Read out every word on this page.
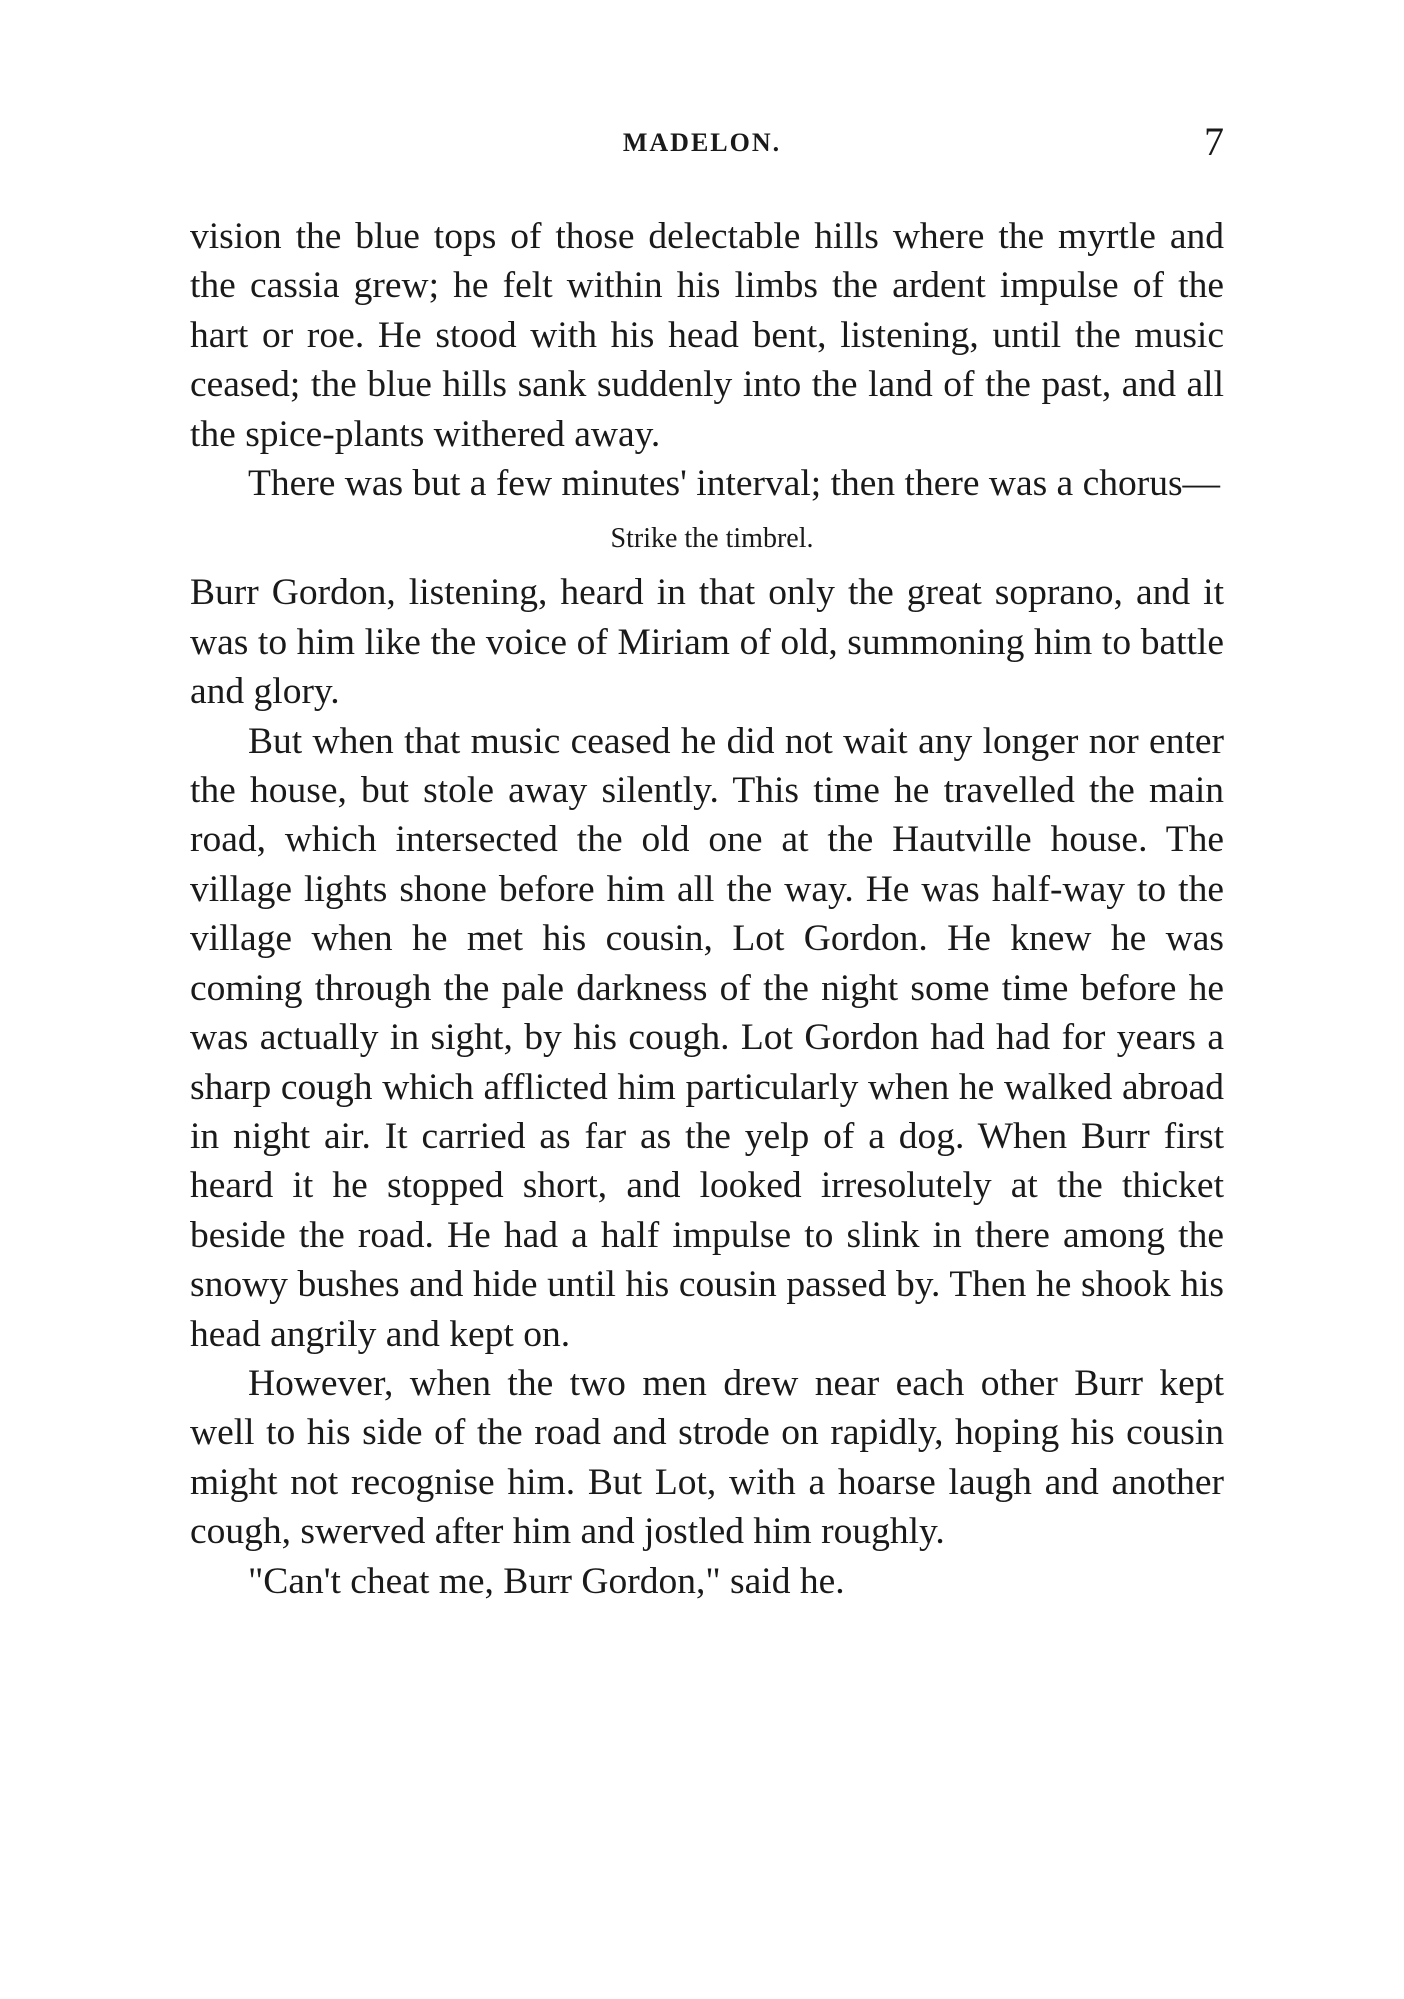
MADELON.	7

vision the blue tops of those delectable hills where the myrtle and the cassia grew; he felt within his limbs the ardent impulse of the hart or roe. He stood with his head bent, listening, until the music ceased; the blue hills sank suddenly into the land of the past, and all the spice-plants withered away.

There was but a few minutes' interval; then there was a chorus—

Strike the timbrel.

Burr Gordon, listening, heard in that only the great soprano, and it was to him like the voice of Miriam of old, summoning him to battle and glory.

But when that music ceased he did not wait any longer nor enter the house, but stole away silently. This time he travelled the main road, which intersected the old one at the Hautville house. The village lights shone before him all the way. He was half-way to the village when he met his cousin, Lot Gordon. He knew he was coming through the pale darkness of the night some time before he was actually in sight, by his cough. Lot Gordon had had for years a sharp cough which afflicted him particularly when he walked abroad in night air. It carried as far as the yelp of a dog. When Burr first heard it he stopped short, and looked irresolutely at the thicket beside the road. He had a half impulse to slink in there among the snowy bushes and hide until his cousin passed by. Then he shook his head angrily and kept on.

However, when the two men drew near each other Burr kept well to his side of the road and strode on rapidly, hoping his cousin might not recognise him. But Lot, with a hoarse laugh and another cough, swerved after him and jostled him roughly.

"Can't cheat me, Burr Gordon," said he.
